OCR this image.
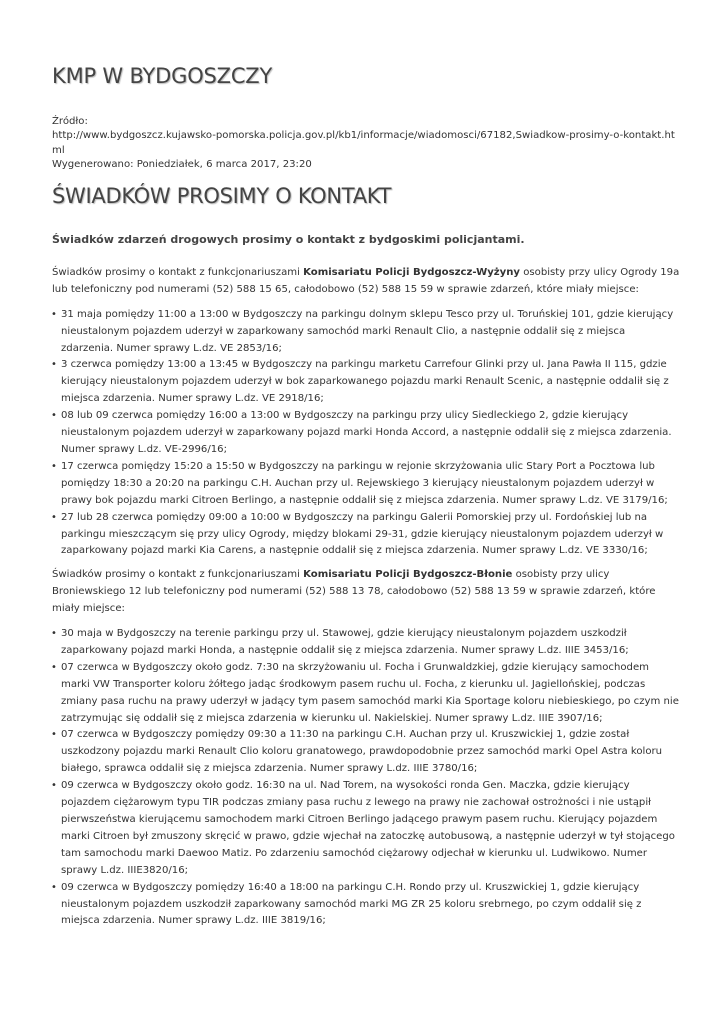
KMP W BYDGOSZCZY
Źródło:
http://www.bydgoszcz.kujawsko-pomorska.policja.gov.pl/kb1/informacje/wiadomosci/67182,Swiadkow-prosimy-o-kontakt.html
Wygenerowano: Poniedziałek, 6 marca 2017, 23:20
ŚWIADKÓW PROSIMY O KONTAKT

Świadków zdarzeń drogowych prosimy o kontakt z bydgoskimi policjantami.

Świadków prosimy o kontakt z funkcjonariuszami Komisariatu Policji Bydgoszcz-Wyżyny osobisty przy ulicy Ogrody 19a lub telefoniczny pod numerami (52) 588 15 65, całodobowo (52) 588 15 59 w sprawie zdarzeń, które miały miejsce:

• 31 maja pomiędzy 11:00 a 13:00 w Bydgoszczy na parkingu dolnym sklepu Tesco przy ul. Toruńskiej 101, gdzie kierujący nieustalonym pojazdem uderzył w zaparkowany samochód marki Renault Clio, a następnie oddalił się z miejsca zdarzenia. Numer sprawy L.dz. VE 2853/16;
• 3 czerwca pomiędzy 13:00 a 13:45 w Bydgoszczy na parkingu marketu Carrefour Glinki przy ul. Jana Pawła II 115, gdzie kierujący nieustalonym pojazdem uderzył w bok zaparkowanego pojazdu marki Renault Scenic, a następnie oddalił się z miejsca zdarzenia. Numer sprawy L.dz. VE 2918/16;
• 08 lub 09 czerwca pomiędzy 16:00 a 13:00 w Bydgoszczy na parkingu przy ulicy Siedleckiego 2, gdzie kierujący nieustalonym pojazdem uderzył w zaparkowany pojazd marki Honda Accord, a następnie oddalił się z miejsca zdarzenia. Numer sprawy L.dz. VE-2996/16;
• 17 czerwca pomiędzy 15:20 a 15:50 w Bydgoszczy na parkingu w rejonie skrzyżowania ulic Stary Port a Pocztowa lub pomiędzy 18:30 a 20:20 na parkingu C.H. Auchan przy ul. Rejewskiego 3 kierujący nieustalonym pojazdem uderzył w prawy bok pojazdu marki Citroen Berlingo, a następnie oddalił się z miejsca zdarzenia. Numer sprawy L.dz. VE 3179/16;
• 27 lub 28 czerwca pomiędzy 09:00 a 10:00 w Bydgoszczy na parkingu Galerii Pomorskiej przy ul. Fordońskiej lub na parkingu mieszczącym się przy ulicy Ogrody, między blokami 29-31, gdzie kierujący nieustalonym pojazdem uderzył w zaparkowany pojazd marki Kia Carens, a następnie oddalił się z miejsca zdarzenia. Numer sprawy L.dz. VE 3330/16;

Świadków prosimy o kontakt z funkcjonariuszami Komisariatu Policji Bydgoszcz-Błonie osobisty przy ulicy Broniewskiego 12 lub telefoniczny pod numerami (52) 588 13 78, całodobowo (52) 588 13 59 w sprawie zdarzeń, które miały miejsce:

• 30 maja w Bydgoszczy na terenie parkingu przy ul. Stawowej, gdzie kierujący nieustalonym pojazdem uszkodził zaparkowany pojazd marki Honda, a następnie oddalił się z miejsca zdarzenia. Numer sprawy L.dz. IIIE 3453/16;
• 07 czerwca w Bydgoszczy około godz. 7:30 na skrzyżowaniu ul. Focha i Grunwaldzkiej, gdzie kierujący samochodem marki VW Transporter koloru żółtego jadąc środkowym pasem ruchu ul. Focha, z kierunku ul. Jagiellońskiej, podczas zmiany pasa ruchu na prawy uderzył w jadący tym pasem samochód marki Kia Sportage koloru niebieskiego, po czym nie zatrzymując się oddalił się z miejsca zdarzenia w kierunku ul. Nakielskiej. Numer sprawy L.dz. IIIE 3907/16;
• 07 czerwca w Bydgoszczy pomiędzy 09:30 a 11:30 na parkingu C.H. Auchan przy ul. Kruszwickiej 1, gdzie został uszkodzony pojazdu marki Renault Clio koloru granatowego, prawdopodobnie przez samochód marki Opel Astra koloru białego, sprawca oddalił się z miejsca zdarzenia. Numer sprawy L.dz. IIIE 3780/16;
• 09 czerwca w Bydgoszczy około godz. 16:30 na ul. Nad Torem, na wysokości ronda Gen. Maczka, gdzie kierujący pojazdem ciężarowym typu TIR podczas zmiany pasa ruchu z lewego na prawy nie zachował ostrożności i nie ustąpił pierwszeństwa kierującemu samochodem marki Citroen Berlingo jadącego prawym pasem ruchu. Kierujący pojazdem marki Citroen był zmuszony skręcić w prawo, gdzie wjechał na zatoczkę autobusową, a następnie uderzył w tył stojącego tam samochodu marki Daewoo Matiz. Po zdarzeniu samochód ciężarowy odjechał w kierunku ul. Ludwikowo. Numer sprawy L.dz. IIIE3820/16;
• 09 czerwca w Bydgoszczy pomiędzy 16:40 a 18:00 na parkingu C.H. Rondo przy ul. Kruszwickiej 1, gdzie kierujący nieustalonym pojazdem uszkodził zaparkowany samochód marki MG ZR 25 koloru srebrnego, po czym oddalił się z miejsca zdarzenia. Numer sprawy L.dz. IIIE 3819/16;
